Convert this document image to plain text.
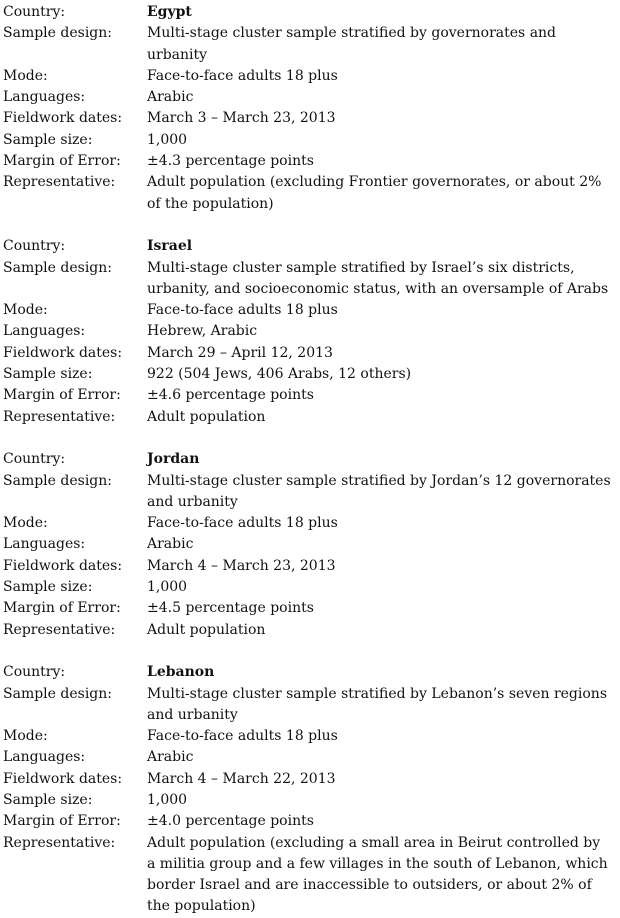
Country:	Egypt
Sample design:	Multi-stage cluster sample stratified by governorates and urbanity
Mode:	Face-to-face adults 18 plus
Languages:	Arabic
Fieldwork dates:	March 3 – March 23, 2013
Sample size:	1,000
Margin of Error:	±4.3 percentage points
Representative:	Adult population (excluding Frontier governorates, or about 2% of the population)
Country:	Israel
Sample design:	Multi-stage cluster sample stratified by Israel’s six districts, urbanity, and socioeconomic status, with an oversample of Arabs
Mode:	Face-to-face adults 18 plus
Languages:	Hebrew, Arabic
Fieldwork dates:	March 29 – April 12, 2013
Sample size:	922 (504 Jews, 406 Arabs, 12 others)
Margin of Error:	±4.6 percentage points
Representative:	Adult population
Country:	Jordan
Sample design:	Multi-stage cluster sample stratified by Jordan’s 12 governorates and urbanity
Mode:	Face-to-face adults 18 plus
Languages:	Arabic
Fieldwork dates:	March 4 – March 23, 2013
Sample size:	1,000
Margin of Error:	±4.5 percentage points
Representative:	Adult population
Country:	Lebanon
Sample design:	Multi-stage cluster sample stratified by Lebanon’s seven regions and urbanity
Mode:	Face-to-face adults 18 plus
Languages:	Arabic
Fieldwork dates:	March 4 – March 22, 2013
Sample size:	1,000
Margin of Error:	±4.0 percentage points
Representative:	Adult population (excluding a small area in Beirut controlled by a militia group and a few villages in the south of Lebanon, which border Israel and are inaccessible to outsiders, or about 2% of the population)
